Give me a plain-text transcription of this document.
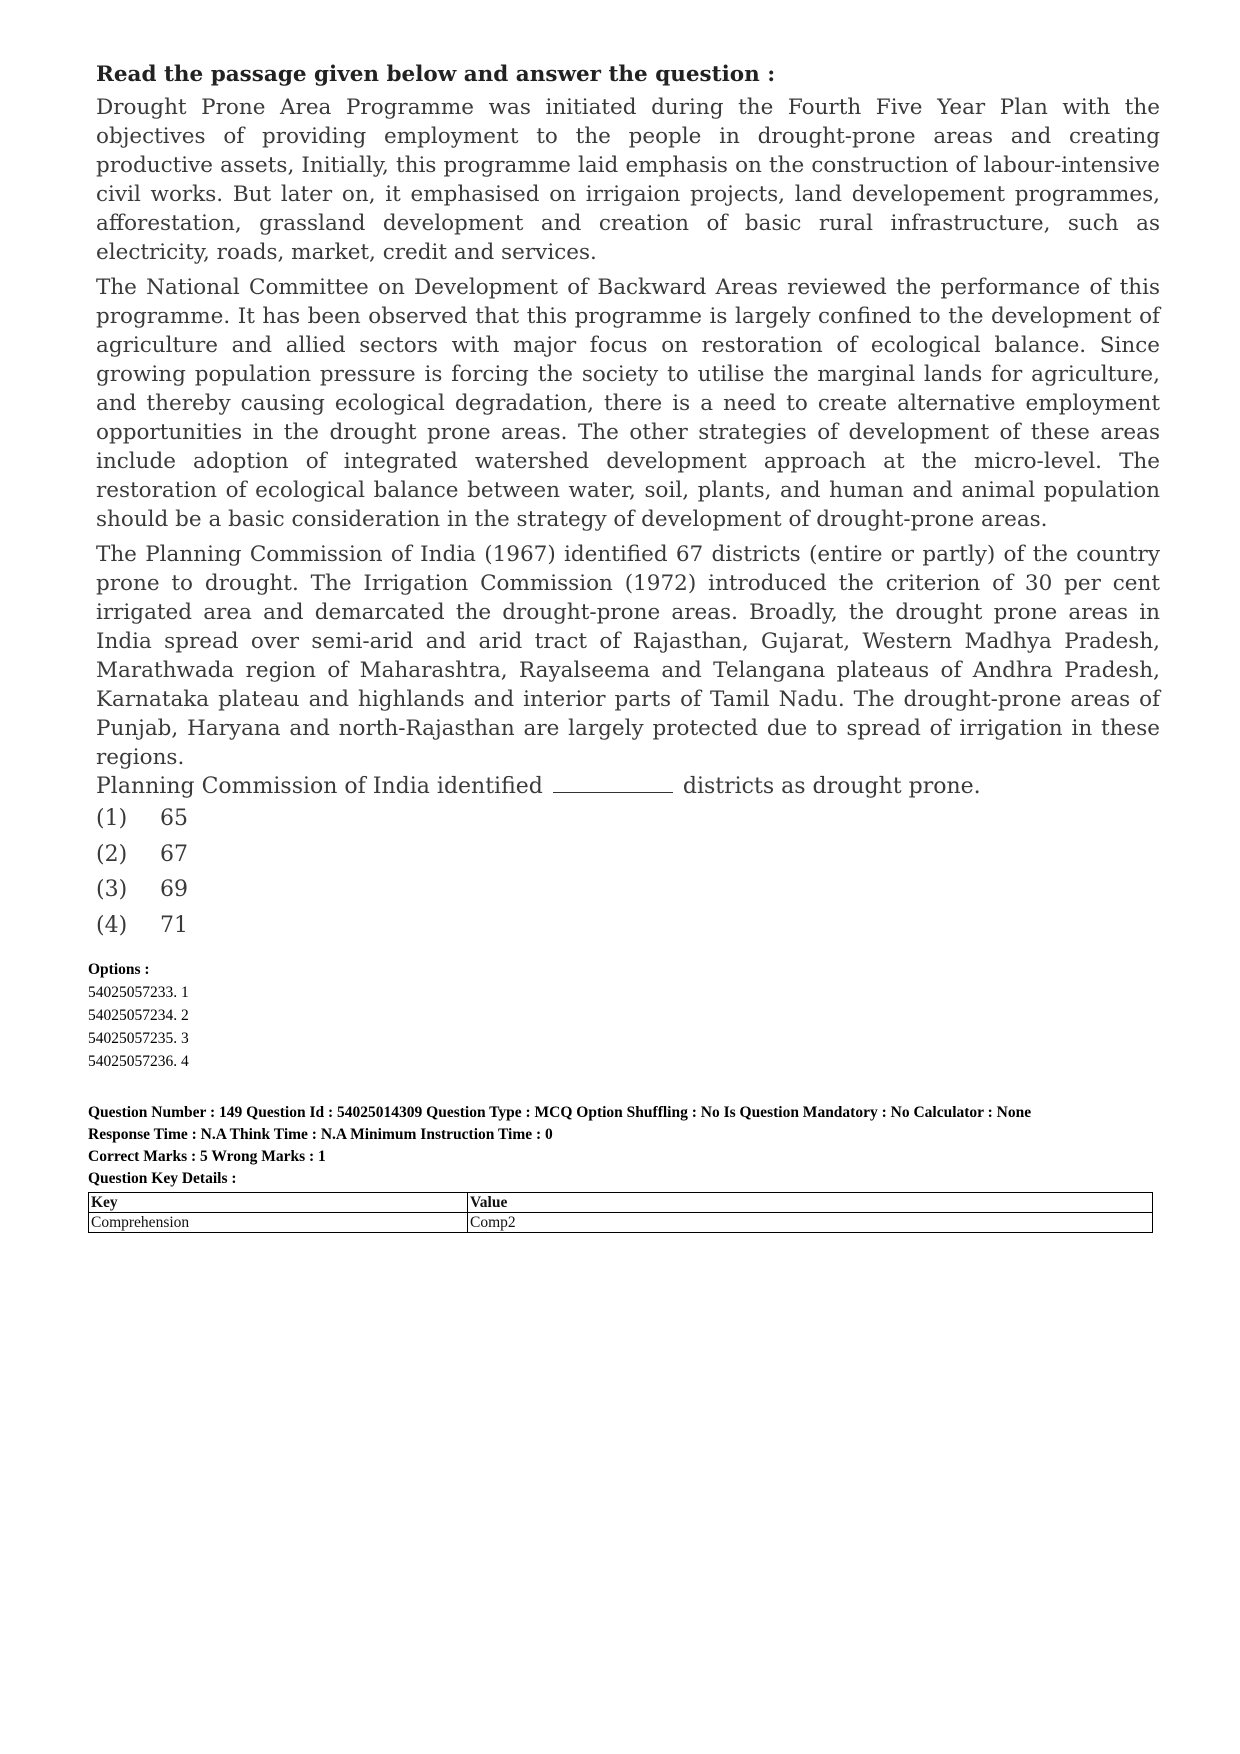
Read the passage given below and answer the question :

Drought Prone Area Programme was initiated during the Fourth Five Year Plan with the objectives of providing employment to the people in drought-prone areas and creating productive assets, Initially, this programme laid emphasis on the construction of labour-intensive civil works. But later on, it emphasised on irrigaion projects, land developement programmes, afforestation, grassland development and creation of basic rural infrastructure, such as electricity, roads, market, credit and services.

The National Committee on Development of Backward Areas reviewed the performance of this programme. It has been observed that this programme is largely confined to the development of agriculture and allied sectors with major focus on restoration of ecological balance. Since growing population pressure is forcing the society to utilise the marginal lands for agriculture, and thereby causing ecological degradation, there is a need to create alternative employment opportunities in the drought prone areas. The other strategies of development of these areas include adoption of integrated watershed development approach at the micro-level. The restoration of ecological balance between water, soil, plants, and human and animal population should be a basic consideration in the strategy of development of drought-prone areas.

The Planning Commission of India (1967) identified 67 districts (entire or partly) of the country prone to drought. The Irrigation Commission (1972) introduced the criterion of 30 per cent irrigated area and demarcated the drought-prone areas. Broadly, the drought prone areas in India spread over semi-arid and arid tract of Rajasthan, Gujarat, Western Madhya Pradesh, Marathwada region of Maharashtra, Rayalseema and Telangana plateaus of Andhra Pradesh, Karnataka plateau and highlands and interior parts of Tamil Nadu. The drought-prone areas of Punjab, Haryana and north-Rajasthan are largely protected due to spread of irrigation in these regions.

Planning Commission of India identified	districts as drought prone.
(1)	65
(2)	67
(3)	69
(4)	71
Options :
54025057233. 1
54025057234. 2
54025057235. 3
54025057236. 4
Question Number : 149 Question Id : 54025014309 Question Type : MCQ Option Shuffling : No Is Question Mandatory : No Calculator : None
Response Time : N.A Think Time : N.A Minimum Instruction Time : 0
Correct Marks : 5 Wrong Marks : 1
Question Key Details :
Key	Value
Comprehension	Comp2
